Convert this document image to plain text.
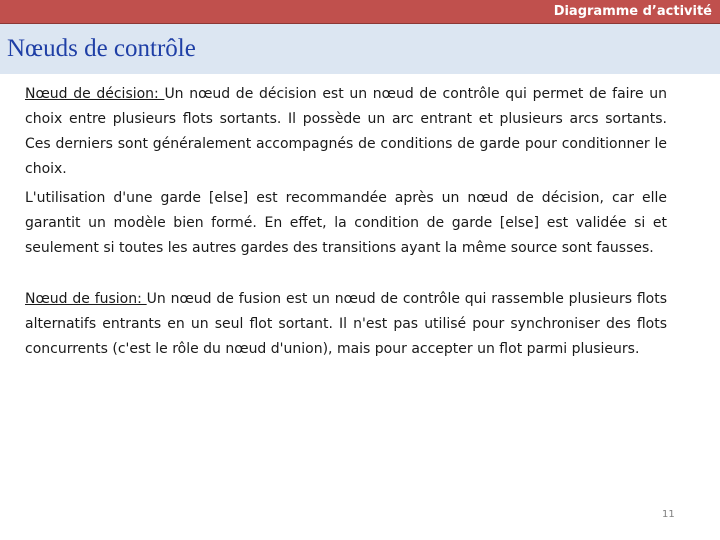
Diagramme d’activité
Nœuds de contrôle

Nœud de décision: Un nœud de décision est un nœud de contrôle qui permet de faire un choix entre plusieurs flots sortants. Il possède un arc entrant et plusieurs arcs sortants. Ces derniers sont généralement accompagnés de conditions de garde pour conditionner le choix.

L'utilisation d'une garde [else] est recommandée après un nœud de décision, car elle garantit un modèle bien formé. En effet, la condition de garde [else] est validée si et seulement si toutes les autres gardes des transitions ayant la même source sont fausses.

Nœud de fusion: Un nœud de fusion est un nœud de contrôle qui rassemble plusieurs flots alternatifs entrants en un seul flot sortant. Il n'est pas utilisé pour synchroniser des flots concurrents (c'est le rôle du nœud d'union), mais pour accepter un flot parmi plusieurs.

11
